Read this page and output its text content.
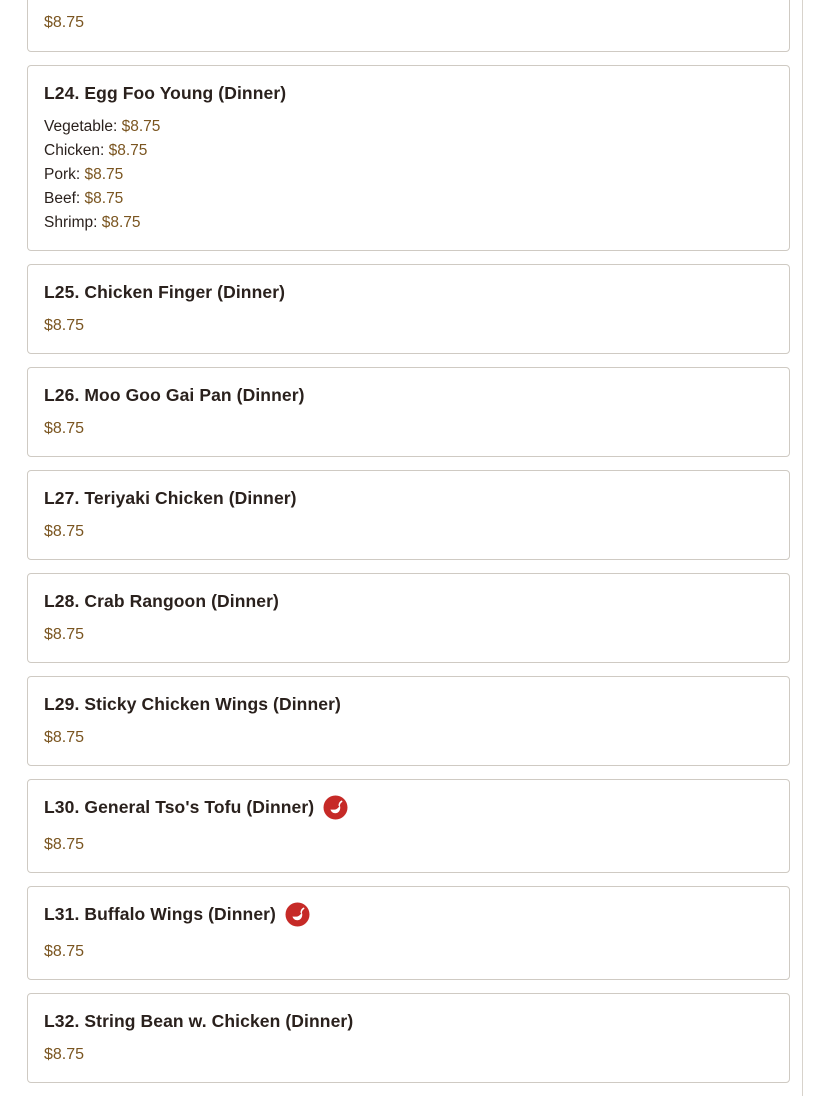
$8.75
L24. Egg Foo Young (Dinner)
Vegetable: $8.75
Chicken: $8.75
Pork: $8.75
Beef: $8.75
Shrimp: $8.75
L25. Chicken Finger (Dinner)
$8.75
L26. Moo Goo Gai Pan (Dinner)
$8.75
L27. Teriyaki Chicken (Dinner)
$8.75
L28. Crab Rangoon (Dinner)
$8.75
L29. Sticky Chicken Wings (Dinner)
$8.75
L30. General Tso's Tofu (Dinner)
$8.75
L31. Buffalo Wings (Dinner)
$8.75
L32. String Bean w. Chicken (Dinner)
$8.75
